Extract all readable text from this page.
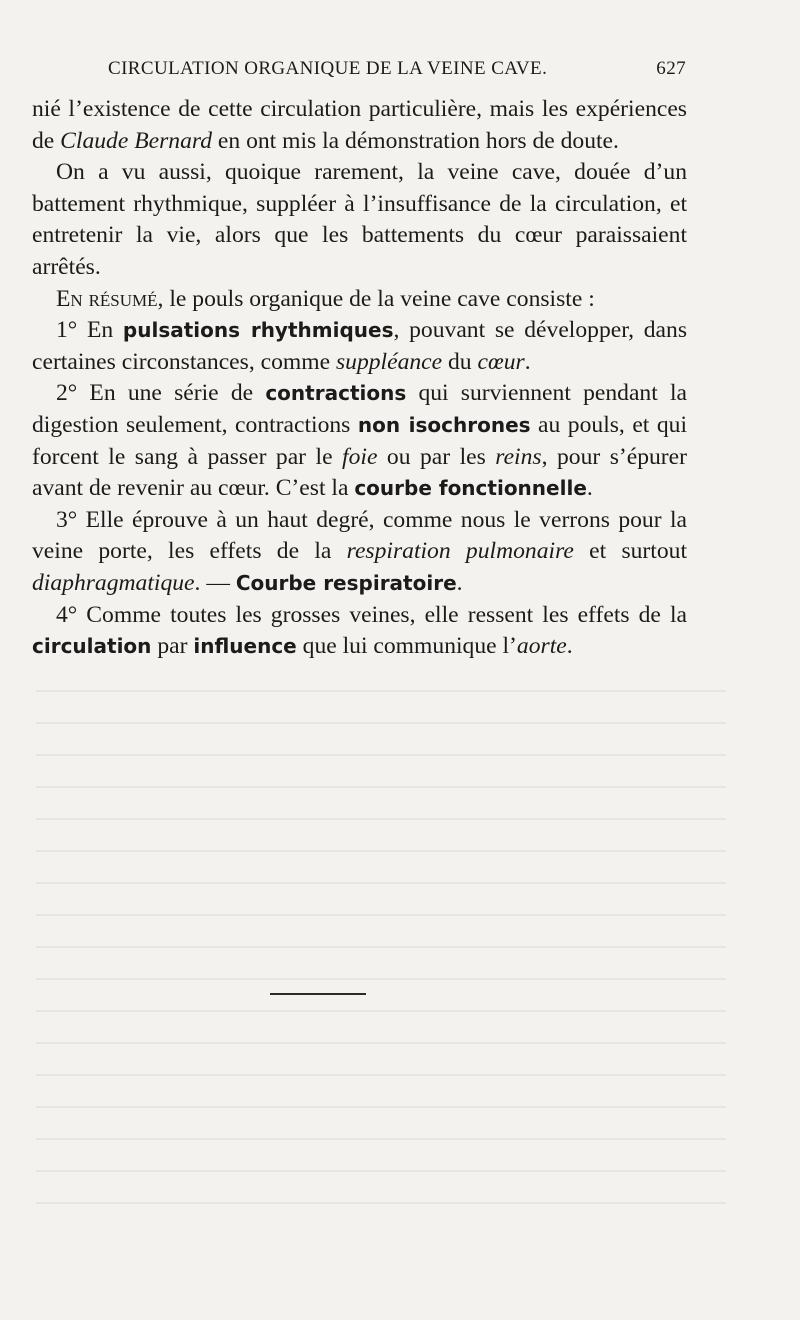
CIRCULATION ORGANIQUE DE LA VEINE CAVE.	627

nié l’existence de cette circulation particulière, mais les expériences de Claude Bernard en ont mis la démonstration hors de doute.

On a vu aussi, quoique rarement, la veine cave, douée d’un battement rhythmique, suppléer à l’insuffisance de la circulation, et entretenir la vie, alors que les battements du cœur paraissaient arrêtés.

En résumé, le pouls organique de la veine cave consiste :

1° En pulsations rhythmiques, pouvant se développer, dans certaines circonstances, comme suppléance du cœur.

2° En une série de contractions qui surviennent pendant la digestion seulement, contractions non isochrones au pouls, et qui forcent le sang à passer par le foie ou par les reins, pour s’épurer avant de revenir au cœur. C’est la courbe fonctionnelle.

3° Elle éprouve à un haut degré, comme nous le verrons pour la veine porte, les effets de la respiration pulmonaire et surtout diaphragmatique. — Courbe respiratoire.

4° Comme toutes les grosses veines, elle ressent les effets de la circulation par influence que lui communique l’aorte.
